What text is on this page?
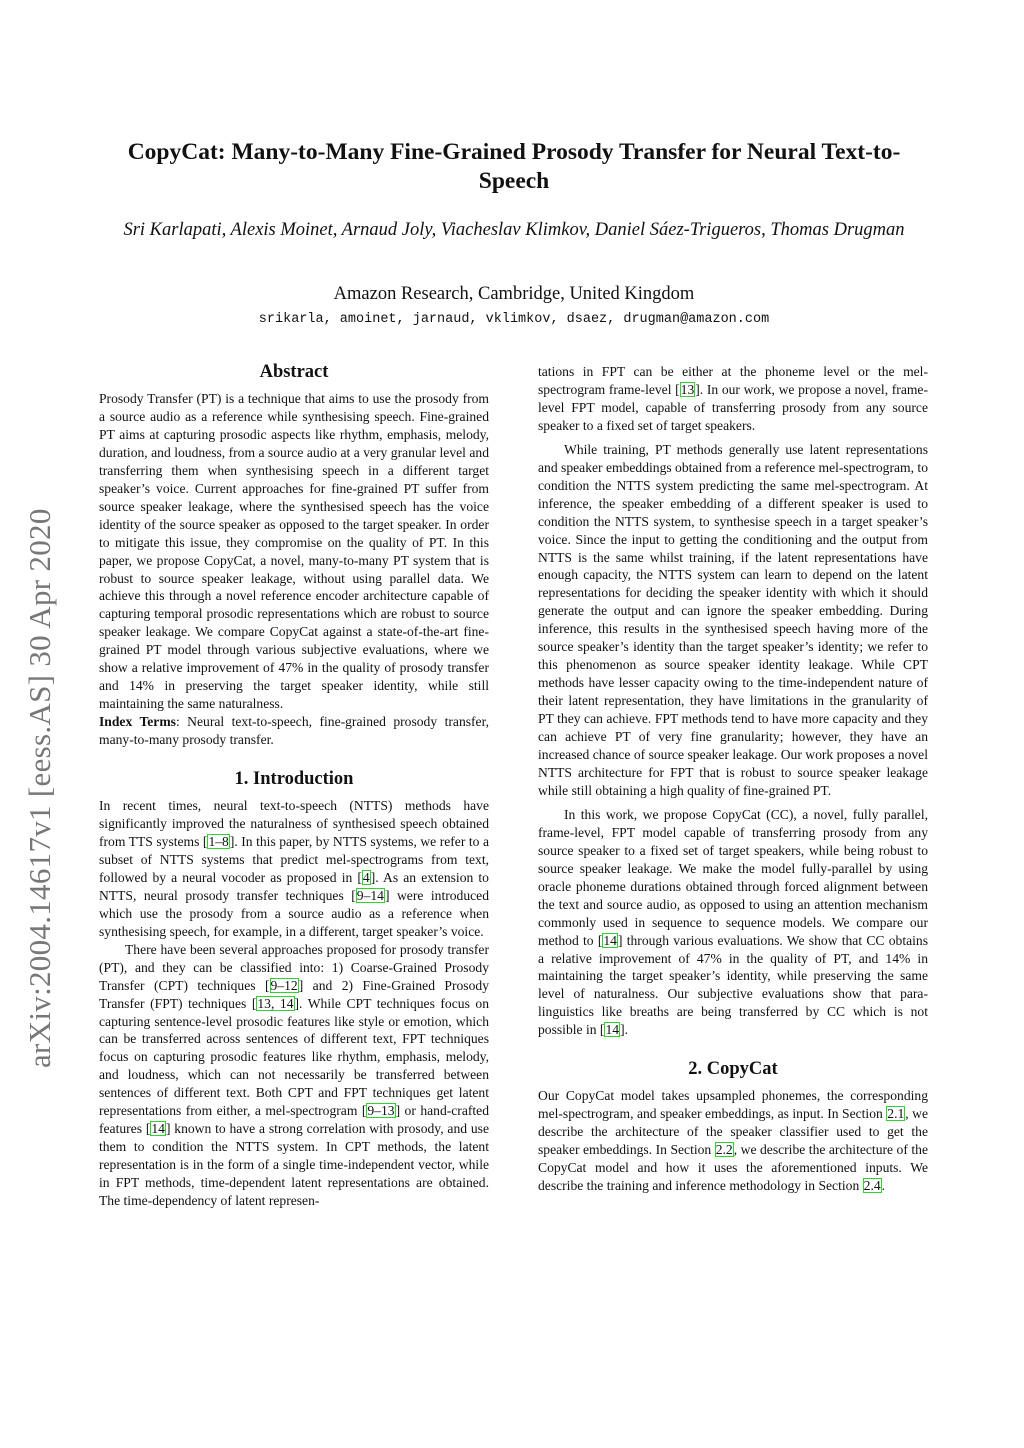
arXiv:2004.14617v1 [eess.AS] 30 Apr 2020
CopyCat: Many-to-Many Fine-Grained Prosody Transfer for Neural Text-to-Speech
Sri Karlapati, Alexis Moinet, Arnaud Joly, Viacheslav Klimkov, Daniel Sáez-Trigueros, Thomas Drugman
Amazon Research, Cambridge, United Kingdom
srikarla, amoinet, jarnaud, vklimkov, dsaez, drugman@amazon.com
Abstract

Prosody Transfer (PT) is a technique that aims to use the prosody from a source audio as a reference while synthesising speech. Fine-grained PT aims at capturing prosodic aspects like rhythm, emphasis, melody, duration, and loudness, from a source audio at a very granular level and transferring them when synthesising speech in a different target speaker’s voice. Current approaches for fine-grained PT suffer from source speaker leakage, where the synthesised speech has the voice identity of the source speaker as opposed to the target speaker. In order to mitigate this issue, they compromise on the quality of PT. In this paper, we propose CopyCat, a novel, many-to-many PT system that is robust to source speaker leakage, without using parallel data. We achieve this through a novel reference encoder architecture capable of capturing temporal prosodic representations which are robust to source speaker leakage. We compare CopyCat against a state-of-the-art fine-grained PT model through various subjective evaluations, where we show a relative improvement of 47% in the quality of prosody transfer and 14% in preserving the target speaker identity, while still maintaining the same naturalness.

Index Terms: Neural text-to-speech, fine-grained prosody transfer, many-to-many prosody transfer.

1. Introduction

In recent times, neural text-to-speech (NTTS) methods have significantly improved the naturalness of synthesised speech obtained from TTS systems [1–8]. In this paper, by NTTS systems, we refer to a subset of NTTS systems that predict mel-spectrograms from text, followed by a neural vocoder as proposed in [4]. As an extension to NTTS, neural prosody transfer techniques [9–14] were introduced which use the prosody from a source audio as a reference when synthesising speech, for example, in a different, target speaker’s voice.

There have been several approaches proposed for prosody transfer (PT), and they can be classified into: 1) Coarse-Grained Prosody Transfer (CPT) techniques [9–12] and 2) Fine-Grained Prosody Transfer (FPT) techniques [13, 14]. While CPT techniques focus on capturing sentence-level prosodic features like style or emotion, which can be transferred across sentences of different text, FPT techniques focus on capturing prosodic features like rhythm, emphasis, melody, and loudness, which can not necessarily be transferred between sentences of different text. Both CPT and FPT techniques get latent representations from either, a mel-spectrogram [9–13] or hand-crafted features [14] known to have a strong correlation with prosody, and use them to condition the NTTS system. In CPT methods, the latent representation is in the form of a single time-independent vector, while in FPT methods, time-dependent latent representations are obtained. The time-dependency of latent represen-

tations in FPT can be either at the phoneme level or the mel-spectrogram frame-level [13]. In our work, we propose a novel, frame-level FPT model, capable of transferring prosody from any source speaker to a fixed set of target speakers.

While training, PT methods generally use latent representations and speaker embeddings obtained from a reference mel-spectrogram, to condition the NTTS system predicting the same mel-spectrogram. At inference, the speaker embedding of a different speaker is used to condition the NTTS system, to synthesise speech in a target speaker’s voice. Since the input to getting the conditioning and the output from NTTS is the same whilst training, if the latent representations have enough capacity, the NTTS system can learn to depend on the latent representations for deciding the speaker identity with which it should generate the output and can ignore the speaker embedding. During inference, this results in the synthesised speech having more of the source speaker’s identity than the target speaker’s identity; we refer to this phenomenon as source speaker identity leakage. While CPT methods have lesser capacity owing to the time-independent nature of their latent representation, they have limitations in the granularity of PT they can achieve. FPT methods tend to have more capacity and they can achieve PT of very fine granularity; however, they have an increased chance of source speaker leakage. Our work proposes a novel NTTS architecture for FPT that is robust to source speaker leakage while still obtaining a high quality of fine-grained PT.

In this work, we propose CopyCat (CC), a novel, fully parallel, frame-level, FPT model capable of transferring prosody from any source speaker to a fixed set of target speakers, while being robust to source speaker leakage. We make the model fully-parallel by using oracle phoneme durations obtained through forced alignment between the text and source audio, as opposed to using an attention mechanism commonly used in sequence to sequence models. We compare our method to [14] through various evaluations. We show that CC obtains a relative improvement of 47% in the quality of PT, and 14% in maintaining the target speaker’s identity, while preserving the same level of naturalness. Our subjective evaluations show that para-linguistics like breaths are being transferred by CC which is not possible in [14].

2. CopyCat

Our CopyCat model takes upsampled phonemes, the corresponding mel-spectrogram, and speaker embeddings, as input. In Section 2.1, we describe the architecture of the speaker classifier used to get the speaker embeddings. In Section 2.2, we describe the architecture of the CopyCat model and how it uses the aforementioned inputs. We describe the training and inference methodology in Section 2.4.
